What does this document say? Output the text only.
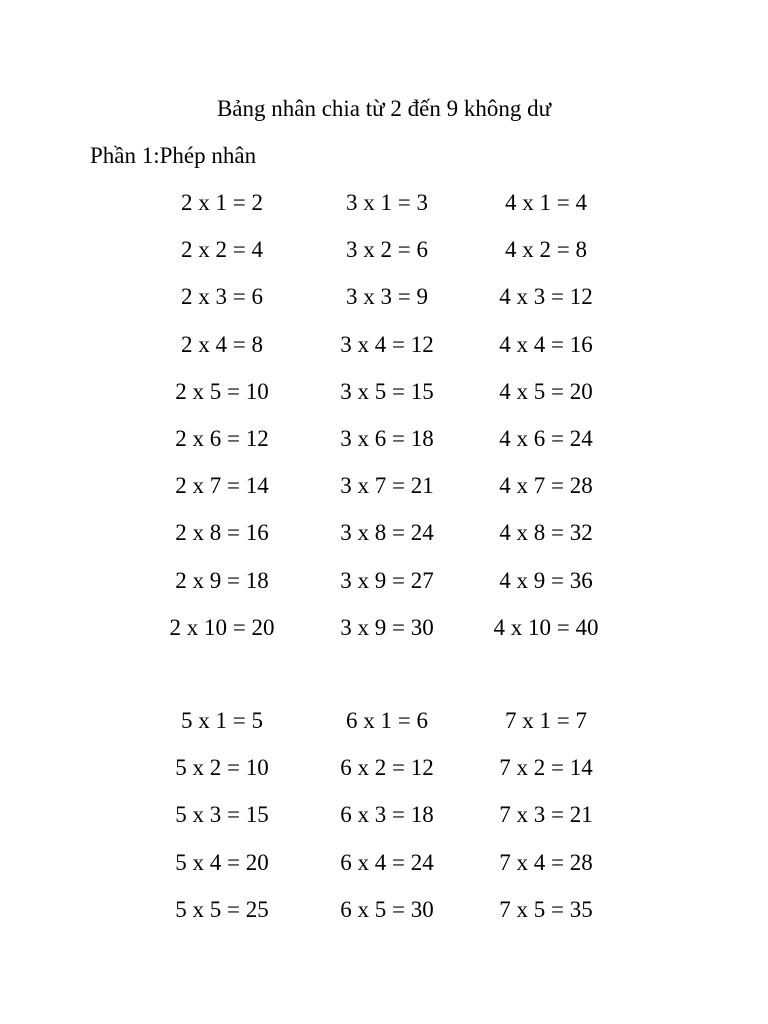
Bảng nhân chia từ 2 đến 9 không dư
Phần 1:Phép nhân
2 x 1 = 2	3 x 1 = 3	4 x 1 = 4
2 x 2 = 4	3 x 2 = 6	4 x 2 = 8
2 x 3 = 6	3 x 3 = 9	4 x 3 = 12
2 x 4 = 8	3 x 4 = 12	4 x 4 = 16
2 x 5 = 10	3 x 5 = 15	4 x 5 = 20
2 x 6 = 12	3 x 6 = 18	4 x 6 = 24
2 x 7 = 14	3 x 7 = 21	4 x 7 = 28
2 x 8 = 16	3 x 8 = 24	4 x 8 = 32
2 x 9 = 18	3 x 9 = 27	4 x 9 = 36
2 x 10 = 20	3 x 9 = 30	4 x 10 = 40
5 x 1 = 5	6 x 1 = 6	7 x 1 = 7
5 x 2 = 10	6 x 2 = 12	7 x 2 = 14
5 x 3 = 15	6 x 3 = 18	7 x 3 = 21
5 x 4 = 20	6 x 4 = 24	7 x 4 = 28
5 x 5 = 25	6 x 5 = 30	7 x 5 = 35
